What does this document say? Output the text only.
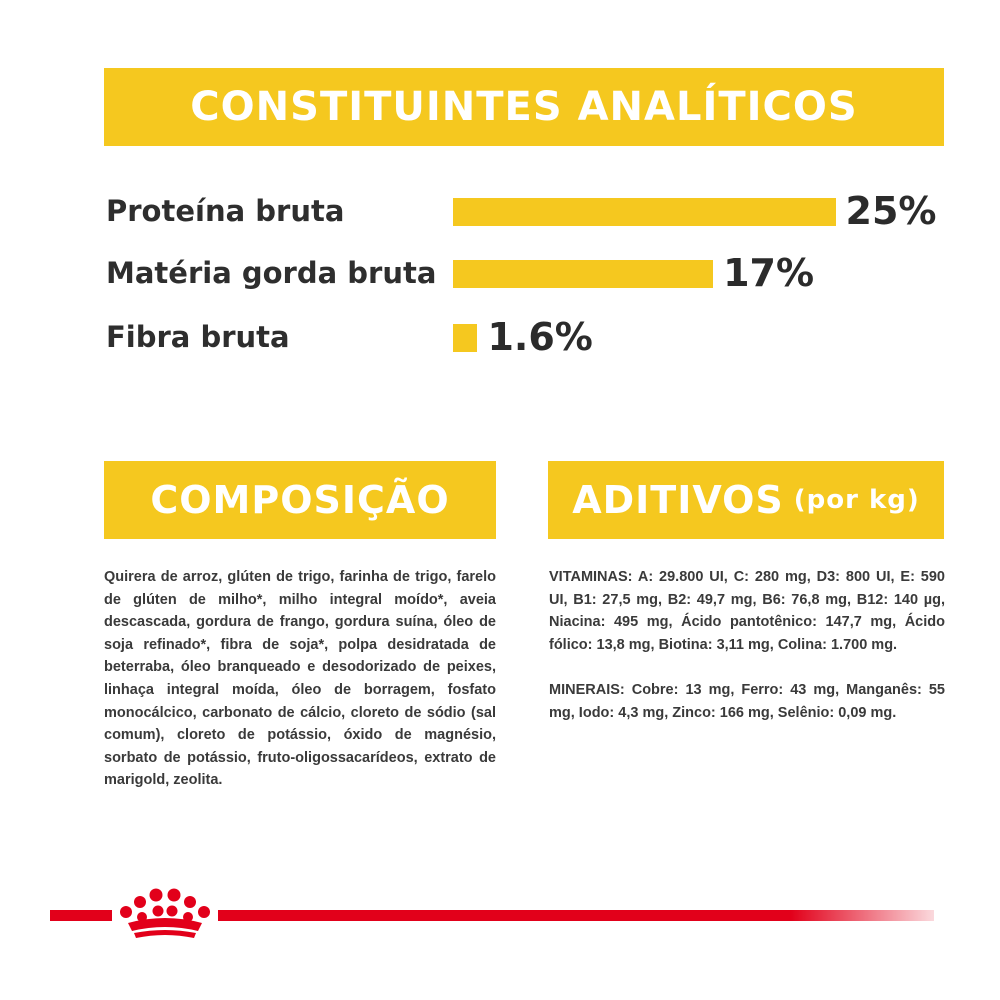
CONSTITUINTES ANALÍTICOS
Proteína bruta	25%
Matéria gorda bruta	17%
Fibra bruta	1.6%
COMPOSIÇÃO

Quirera de arroz, glúten de trigo, farinha de trigo, farelo de glúten de milho*, milho integral moído*, aveia descascada, gordura de frango, gordura suína, óleo de soja refinado*, fibra de soja*, polpa desidratada de beterraba, óleo branqueado e desodorizado de peixes, linhaça integral moída, óleo de borragem, fosfato monocálcico, carbonato de cálcio, cloreto de sódio (sal comum), cloreto de potássio, óxido de magnésio, sorbato de potássio, fruto-oligossacarídeos, extrato de marigold, zeolita.

ADITIVOS (por kg)

VITAMINAS: A: 29.800 UI, C: 280 mg, D3: 800 UI, E: 590 UI, B1: 27,5 mg, B2: 49,7 mg, B6: 76,8 mg, B12: 140 µg, Niacina: 495 mg, Ácido pantotênico: 147,7 mg, Ácido fólico: 13,8 mg, Biotina: 3,11 mg, Colina: 1.700 mg.

MINERAIS: Cobre: 13 mg, Ferro: 43 mg, Manganês: 55 mg, Iodo: 4,3 mg, Zinco: 166 mg, Selênio: 0,09 mg.
